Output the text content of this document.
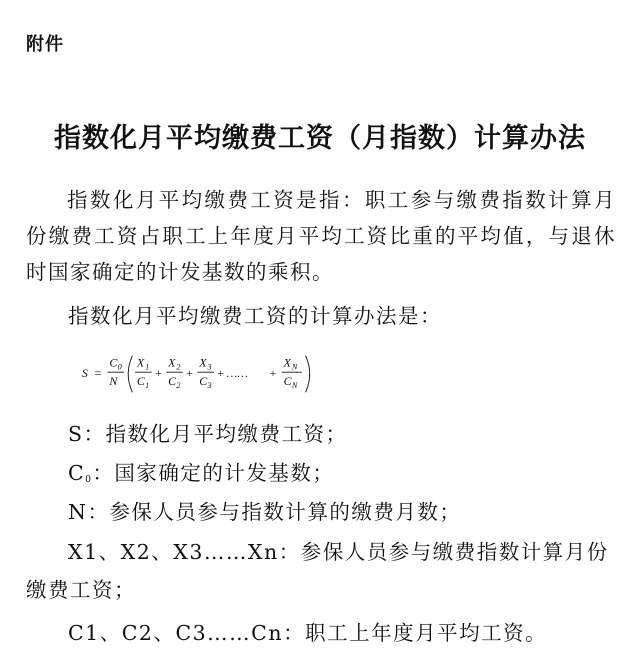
附件
指数化月平均缴费工资（月指数）计算办法

指数化月平均缴费工资是指：职工参与缴费指数计算月份缴费工资占职工上年度月平均工资比重的平均值，与退休时国家确定的计发基数的乘积。

指数化月平均缴费工资的计算办法是：
S =
C 0
N
X 1
C 1
+
X 2
C 2
+
X 3
C 3
+ …… +
X N
C N
S：指数化月平均缴费工资；
$C_0$：国家确定的计发基数；
N：参保人员参与指数计算的缴费月数；

X1、X2、X3……Xn：参保人员参与缴费指数计算月份缴费工资；

C1、C2、C3……Cn：职工上年度月平均工资。
